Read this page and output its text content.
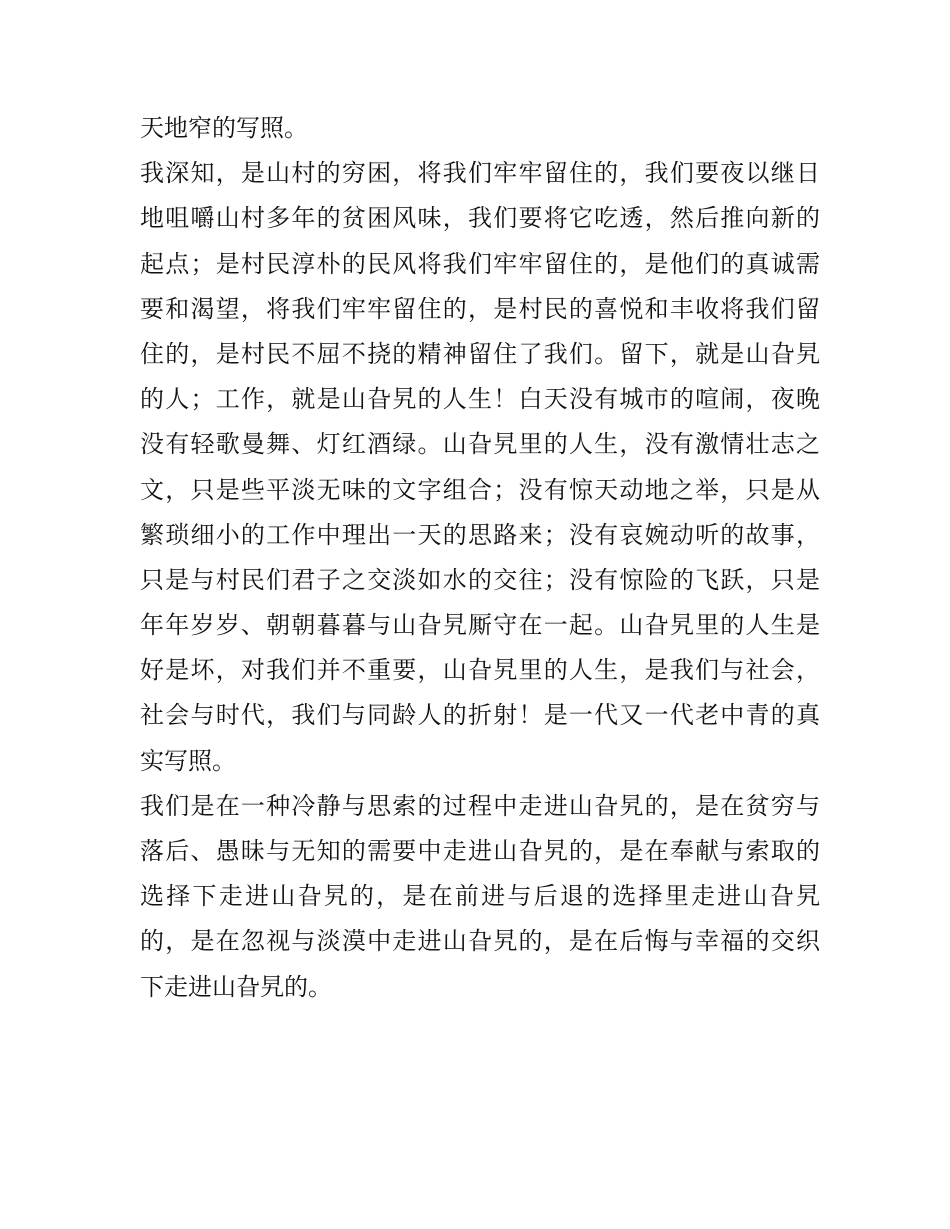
天地窄的写照。
我深知，是山村的穷困，将我们牢牢留住的，我们要夜以继日
地咀嚼山村多年的贫困风味，我们要将它吃透，然后推向新的
起点；是村民淳朴的民风将我们牢牢留住的，是他们的真诚需
要和渴望，将我们牢牢留住的，是村民的喜悦和丰收将我们留
住的，是村民不屈不挠的精神留住了我们。留下，就是山旮旯
的人；工作，就是山旮旯的人生！白天没有城市的喧闹，夜晚
没有轻歌曼舞、灯红酒绿。山旮旯里的人生，没有激情壮志之
文，只是些平淡无味的文字组合；没有惊天动地之举，只是从
繁琐细小的工作中理出一天的思路来；没有哀婉动听的故事，
只是与村民们君子之交淡如水的交往；没有惊险的飞跃，只是
年年岁岁、朝朝暮暮与山旮旯厮守在一起。山旮旯里的人生是
好是坏，对我们并不重要，山旮旯里的人生，是我们与社会，
社会与时代，我们与同龄人的折射！是一代又一代老中青的真
实写照。
我们是在一种冷静与思索的过程中走进山旮旯的，是在贫穷与
落后、愚昧与无知的需要中走进山旮旯的，是在奉献与索取的
选择下走进山旮旯的，是在前进与后退的选择里走进山旮旯
的，是在忽视与淡漠中走进山旮旯的，是在后悔与幸福的交织
下走进山旮旯的。
